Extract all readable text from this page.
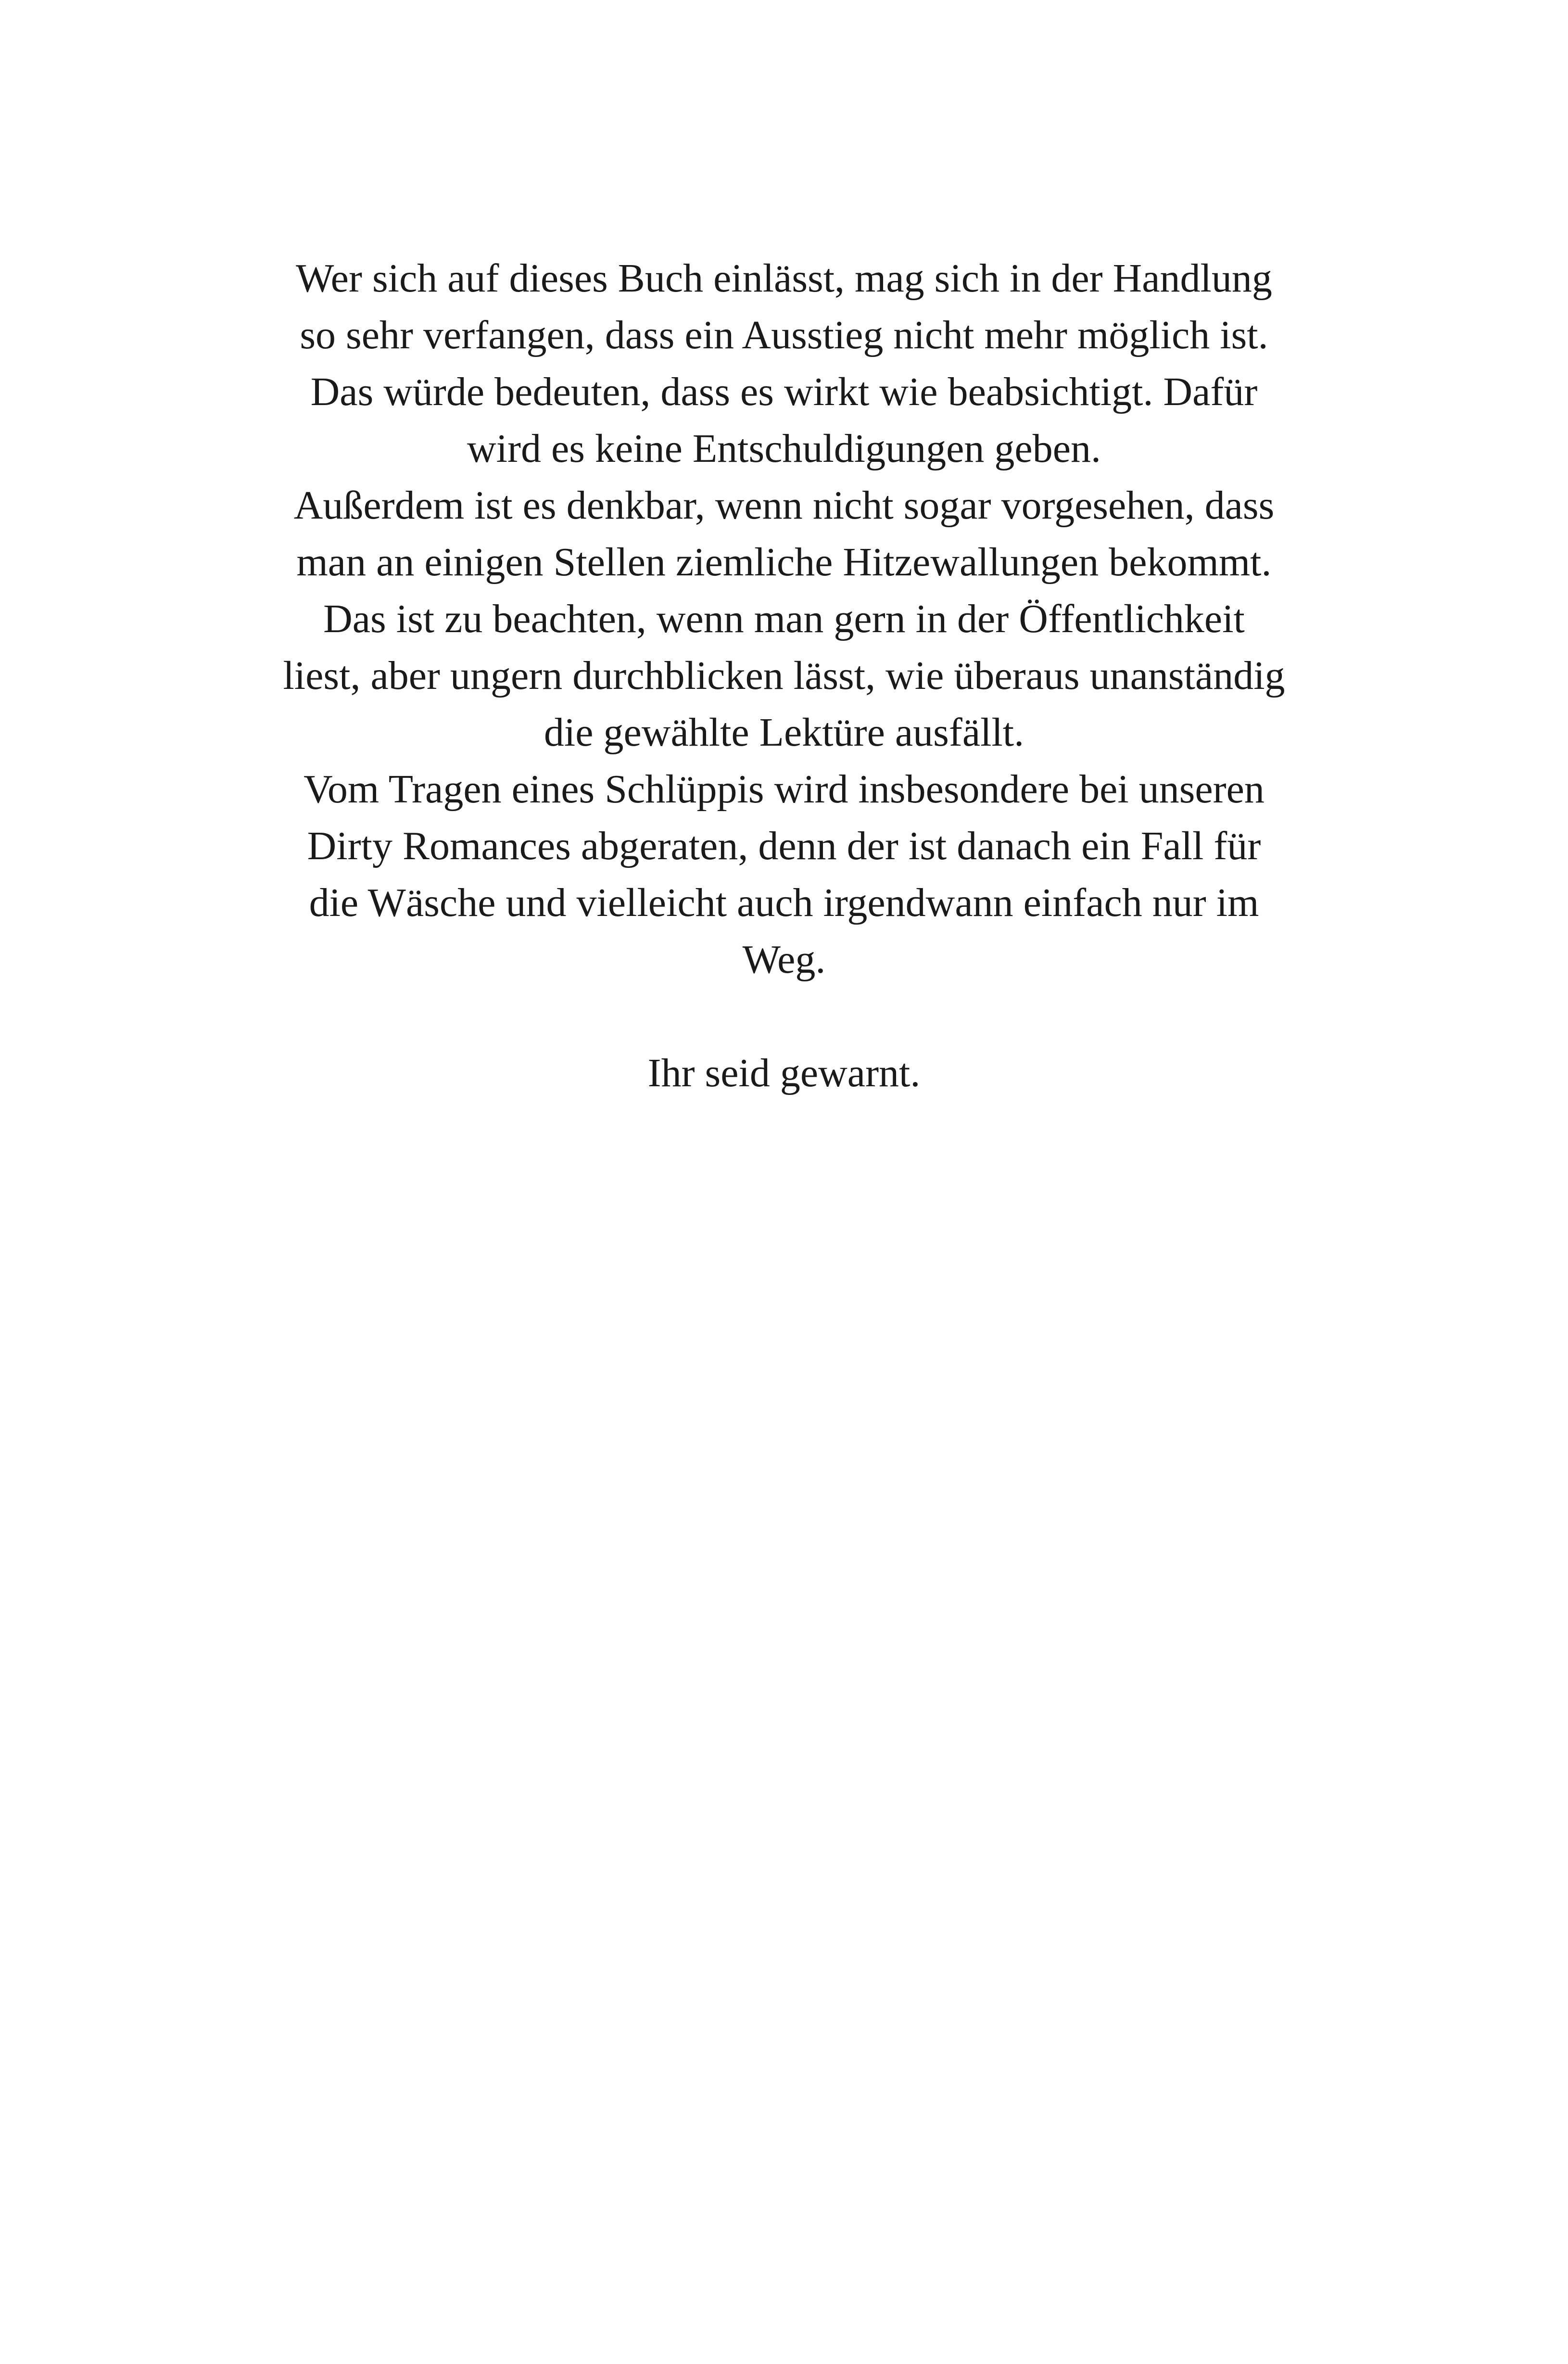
Wer sich auf dieses Buch einlässt, mag sich in der Handlung
so sehr verfangen, dass ein Ausstieg nicht mehr möglich ist.
Das würde bedeuten, dass es wirkt wie beabsichtigt. Dafür
wird es keine Entschuldigungen geben.
Außerdem ist es denkbar, wenn nicht sogar vorgesehen, dass
man an einigen Stellen ziemliche Hitzewallungen bekommt.
Das ist zu beachten, wenn man gern in der Öffentlichkeit
liest, aber ungern durchblicken lässt, wie überaus unanständig
die gewählte Lektüre ausfällt.
Vom Tragen eines Schlüppis wird insbesondere bei unseren
Dirty Romances abgeraten, denn der ist danach ein Fall für
die Wäsche und vielleicht auch irgendwann einfach nur im
Weg.
Ihr seid gewarnt.
